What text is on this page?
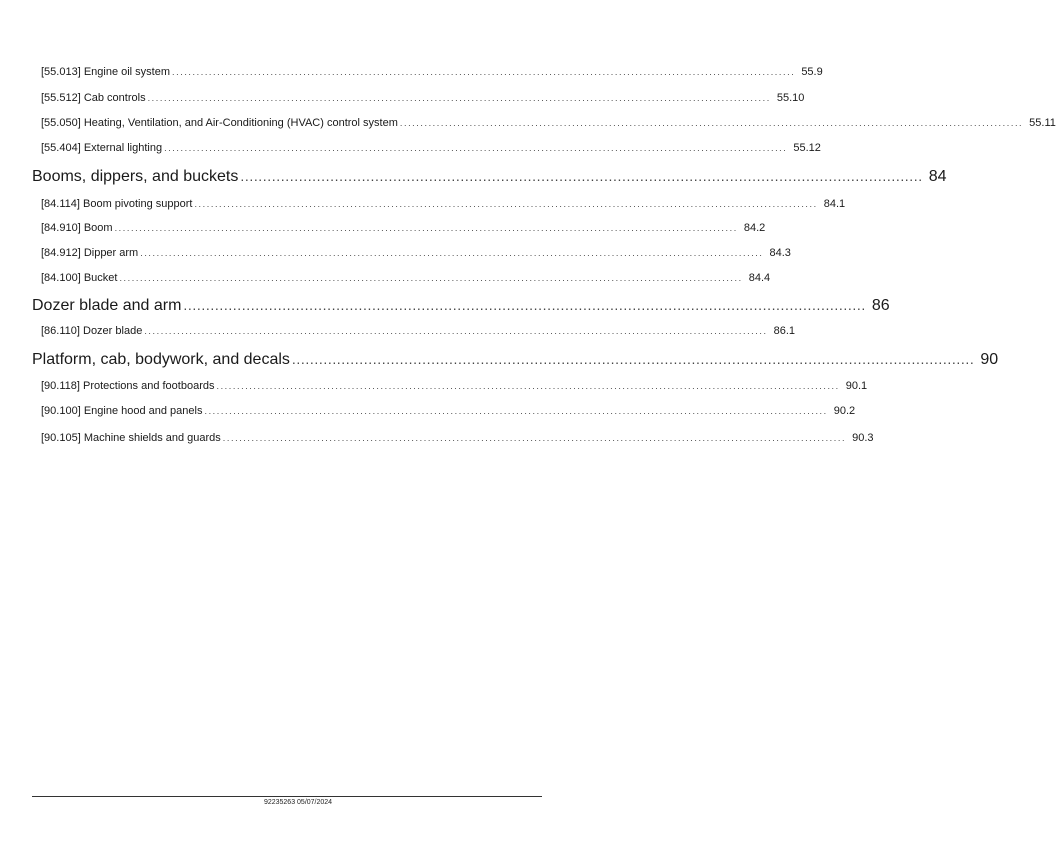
[55.013] Engine oil system ........................................................................................................................................................ 55.9
[55.512] Cab controls ........................................................................................................................................................ 55.10
[55.050] Heating, Ventilation, and Air-Conditioning (HVAC) control system ........................................................................................................................................................ 55.11
[55.404] External lighting ........................................................................................................................................................ 55.12
Booms, dippers, and buckets ........................................................................................................................................................ 84
[84.114] Boom pivoting support ........................................................................................................................................................ 84.1
[84.910] Boom ........................................................................................................................................................ 84.2
[84.912] Dipper arm ........................................................................................................................................................ 84.3
[84.100] Bucket ........................................................................................................................................................ 84.4
Dozer blade and arm ........................................................................................................................................................ 86
[86.110] Dozer blade ........................................................................................................................................................ 86.1
Platform, cab, bodywork, and decals ........................................................................................................................................................ 90
[90.118] Protections and footboards ........................................................................................................................................................ 90.1
[90.100] Engine hood and panels ........................................................................................................................................................ 90.2
[90.105] Machine shields and guards ........................................................................................................................................................ 90.3
92235263 05/07/2024
